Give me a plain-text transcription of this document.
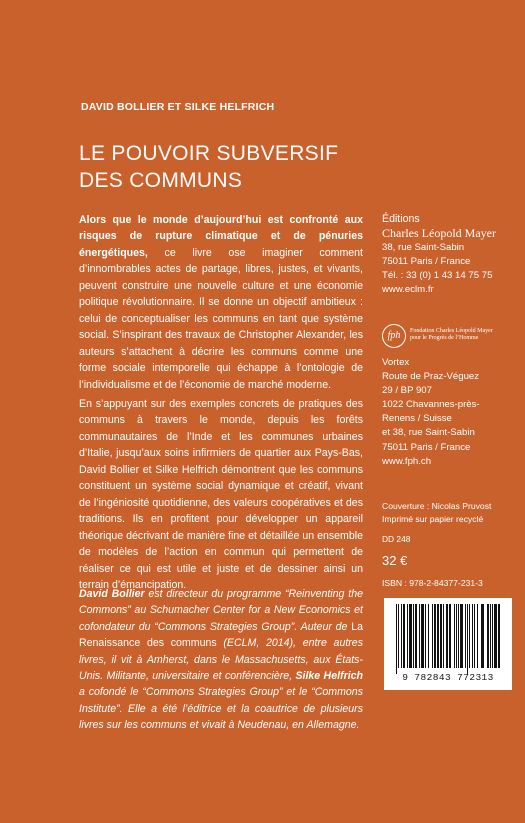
DAVID BOLLIER ET SILKE HELFRICH
LE POUVOIR SUBVERSIF
DES COMMUNS

Alors que le monde d’aujourd’hui est confronté aux risques de rupture climatique et de pénuries énergétiques, ce livre ose imaginer comment d’innombrables actes de partage, libres, justes, et vivants, peuvent construire une nouvelle culture et une économie politique révolutionnaire. Il se donne un objectif ambitieux : celui de conceptualiser les communs en tant que système social. S’inspirant des travaux de Christopher Alexander, les auteurs s’attachent à décrire les communs comme une forme sociale intemporelle qui échappe à l’ontologie de l’individualisme et de l’économie de marché moderne.

En s’appuyant sur des exemples concrets de pratiques des communs à travers le monde, depuis les forêts communautaires de l’Inde et les communes urbaines d’Italie, jusqu’aux soins infirmiers de quartier aux Pays-Bas, David Bollier et Silke Helfrich démontrent que les communs constituent un système social dynamique et créatif, vivant de l’ingéniosité quotidienne, des valeurs coopératives et des traditions. Ils en profitent pour développer un appareil théorique décrivant de manière fine et détaillée un ensemble de modèles de l’action en commun qui permettent de réaliser ce qui est utile et juste et de dessiner ainsi un terrain d’émancipation.

David Bollier est directeur du programme “Reinventing the Commons” au Schumacher Center for a New Economics et cofondateur du “Commons Strategies Group”. Auteur de La Renaissance des communs (ECLM, 2014), entre autres livres, il vit à Amherst, dans le Massachusetts, aux États-Unis. Militante, universitaire et conférencière, Silke Helfrich a cofondé le “Commons Strategies Group” et le “Commons Institute”. Elle a été l’éditrice et la coautrice de plusieurs livres sur les communs et vivait à Neudenau, en Allemagne.
Éditions
Charles Léopold Mayer
38, rue Saint-Sabin
75011 Paris / France
Tél. : 33 (0) 1 43 14 75 75
www.eclm.fr
fph	Fondation Charles Léopold Mayer
pour le Progrès de l’Homme
Vortex
Route de Praz-Véguez
29 / BP 907
1022 Chavannes-près-
Renens / Suisse
et 38, rue Saint-Sabin
75011 Paris / France
www.fph.ch
Couverture : Nicolas Pruvost
Imprimé sur papier recyclé
DD 248
32 €
ISBN : 978-2-84377-231-3
9 782843 772313
